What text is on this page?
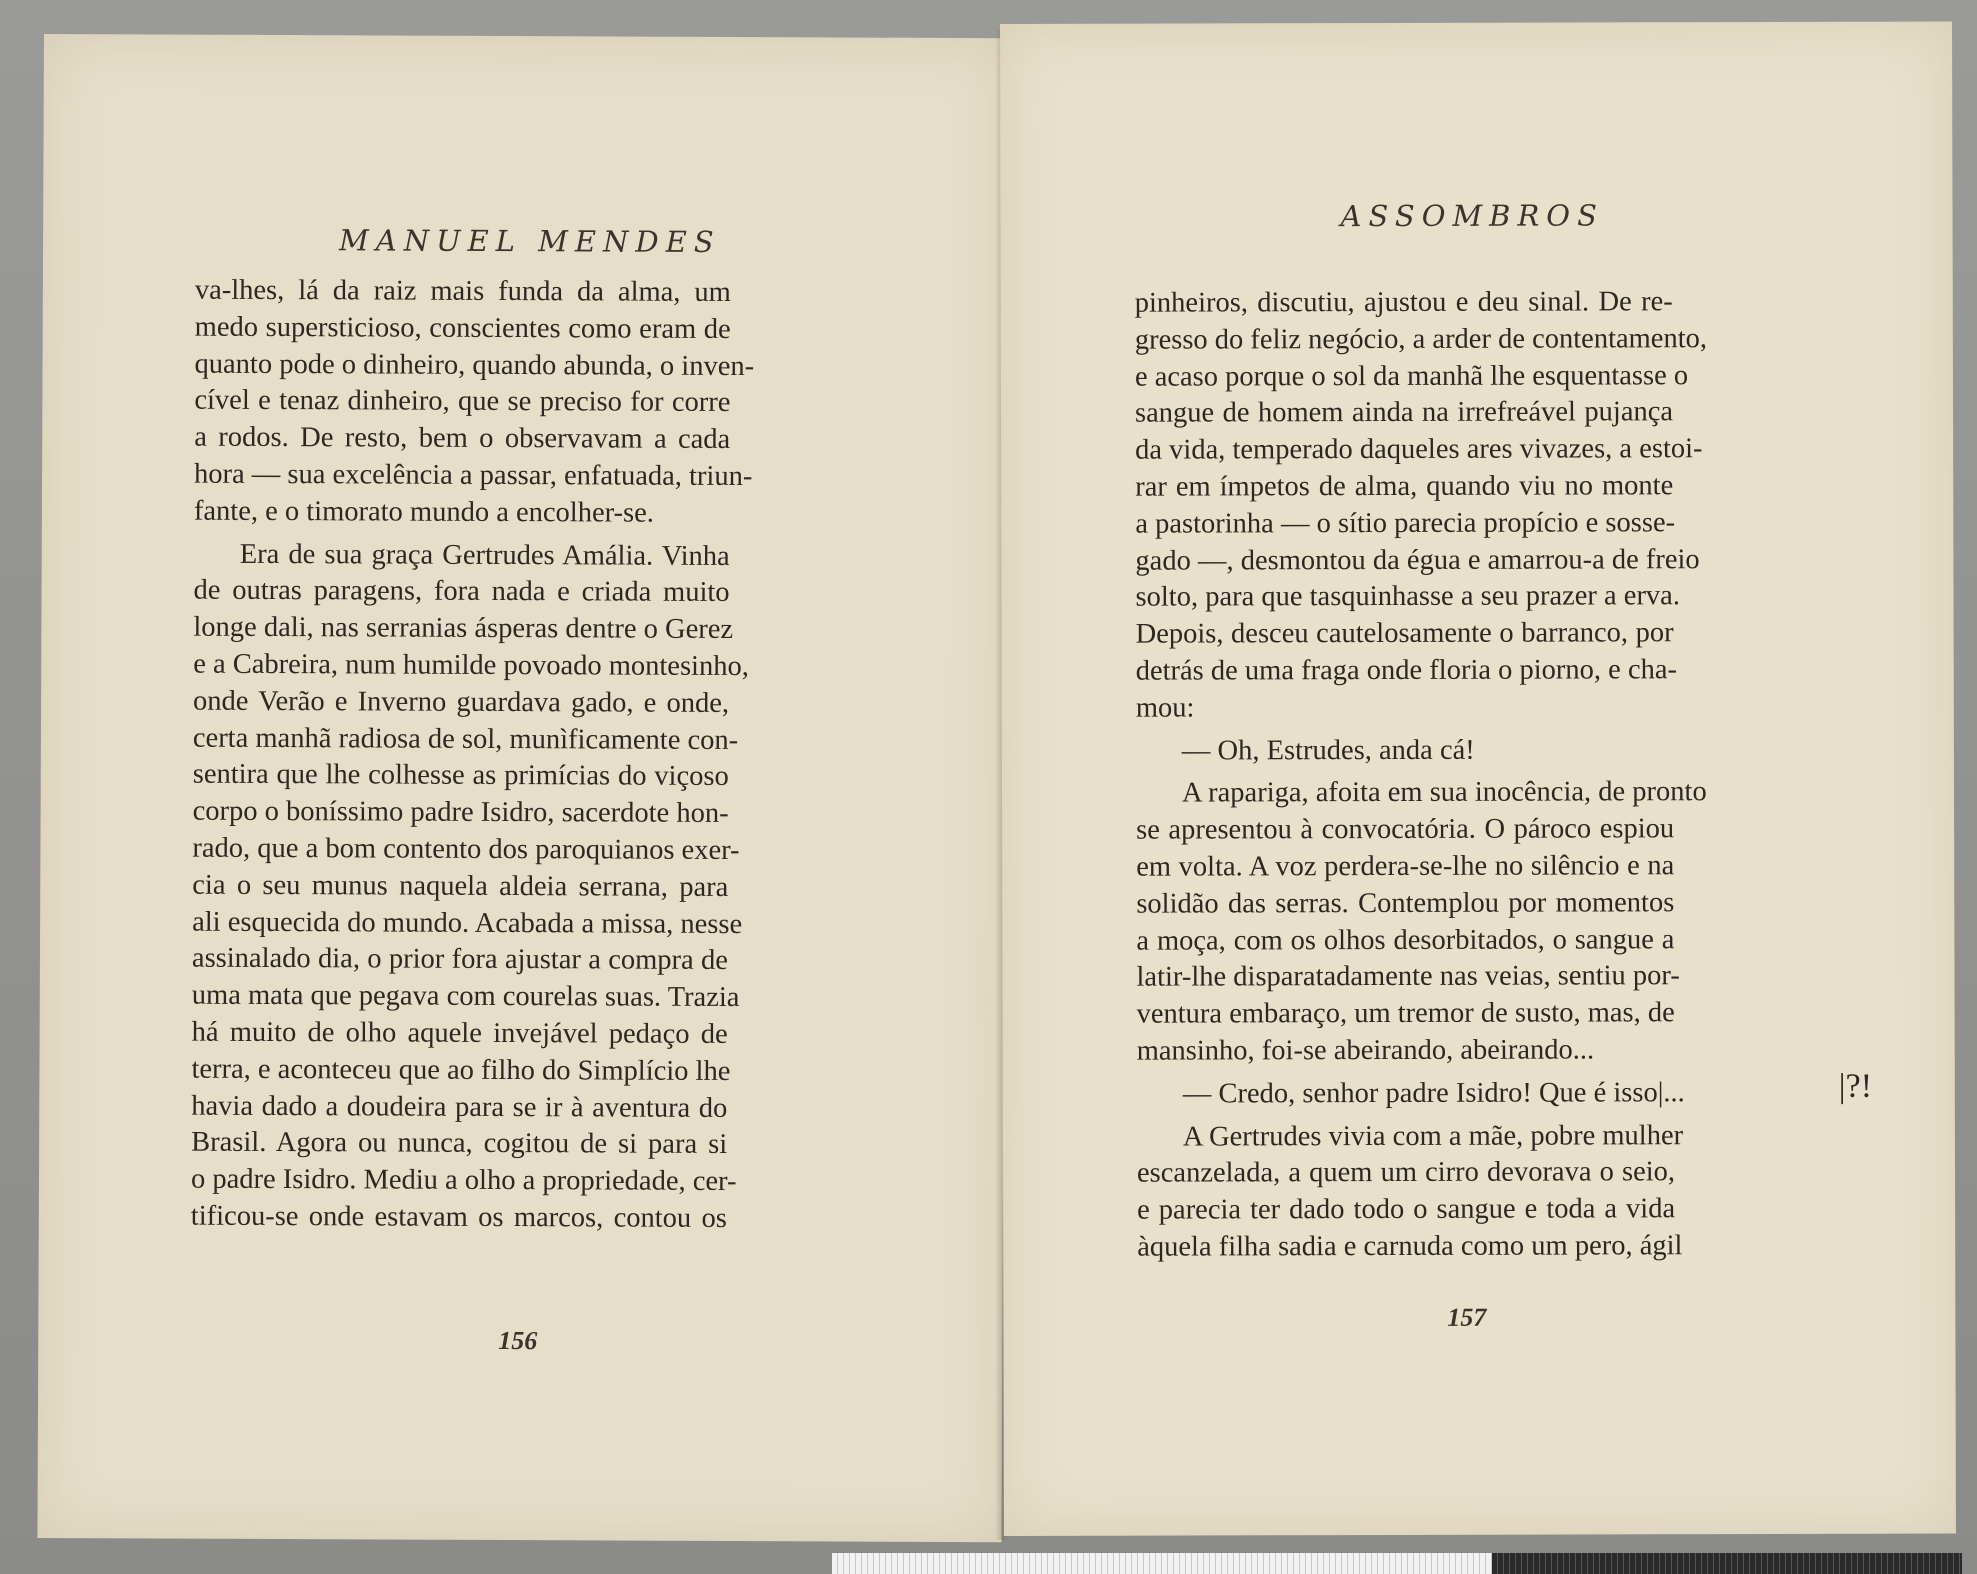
MANUEL MENDES
va-lhes, lá da raiz mais funda da alma, um
medo supersticioso, conscientes como eram de
quanto pode o dinheiro, quando abunda, o inven-
cível e tenaz dinheiro, que se preciso for corre
a rodos. De resto, bem o observavam a cada
hora — sua excelência a passar, enfatuada, triun-
fante, e o timorato mundo a encolher-se.
Era de sua graça Gertrudes Amália. Vinha
de outras paragens, fora nada e criada muito
longe dali, nas serranias ásperas dentre o Gerez
e a Cabreira, num humilde povoado montesinho,
onde Verão e Inverno guardava gado, e onde,
certa manhã radiosa de sol, munìficamente con-
sentira que lhe colhesse as primícias do viçoso
corpo o boníssimo padre Isidro, sacerdote hon-
rado, que a bom contento dos paroquianos exer-
cia o seu munus naquela aldeia serrana, para
ali esquecida do mundo. Acabada a missa, nesse
assinalado dia, o prior fora ajustar a compra de
uma mata que pegava com courelas suas. Trazia
há muito de olho aquele invejável pedaço de
terra, e aconteceu que ao filho do Simplício lhe
havia dado a doudeira para se ir à aventura do
Brasil. Agora ou nunca, cogitou de si para si
o padre Isidro. Mediu a olho a propriedade, cer-
tificou-se onde estavam os marcos, contou os
156
ASSOMBROS
pinheiros, discutiu, ajustou e deu sinal. De re-
gresso do feliz negócio, a arder de contentamento,
e acaso porque o sol da manhã lhe esquentasse o
sangue de homem ainda na irrefreável pujança
da vida, temperado daqueles ares vivazes, a estoi-
rar em ímpetos de alma, quando viu no monte
a pastorinha — o sítio parecia propício e sosse-
gado —, desmontou da égua e amarrou-a de freio
solto, para que tasquinhasse a seu prazer a erva.
Depois, desceu cautelosamente o barranco, por
detrás de uma fraga onde floria o piorno, e cha-
mou:
— Oh, Estrudes, anda cá!
A rapariga, afoita em sua inocência, de pronto
se apresentou à convocatória. O pároco espiou
em volta. A voz perdera-se-lhe no silêncio e na
solidão das serras. Contemplou por momentos
a moça, com os olhos desorbitados, o sangue a
latir-lhe disparatadamente nas veias, sentiu por-
ventura embaraço, um tremor de susto, mas, de
mansinho, foi-se abeirando, abeirando...
— Credo, senhor padre Isidro! Que é isso|...
A Gertrudes vivia com a mãe, pobre mulher
escanzelada, a quem um cirro devorava o seio,
e parecia ter dado todo o sangue e toda a vida
àquela filha sadia e carnuda como um pero, ágil
|?!
157
